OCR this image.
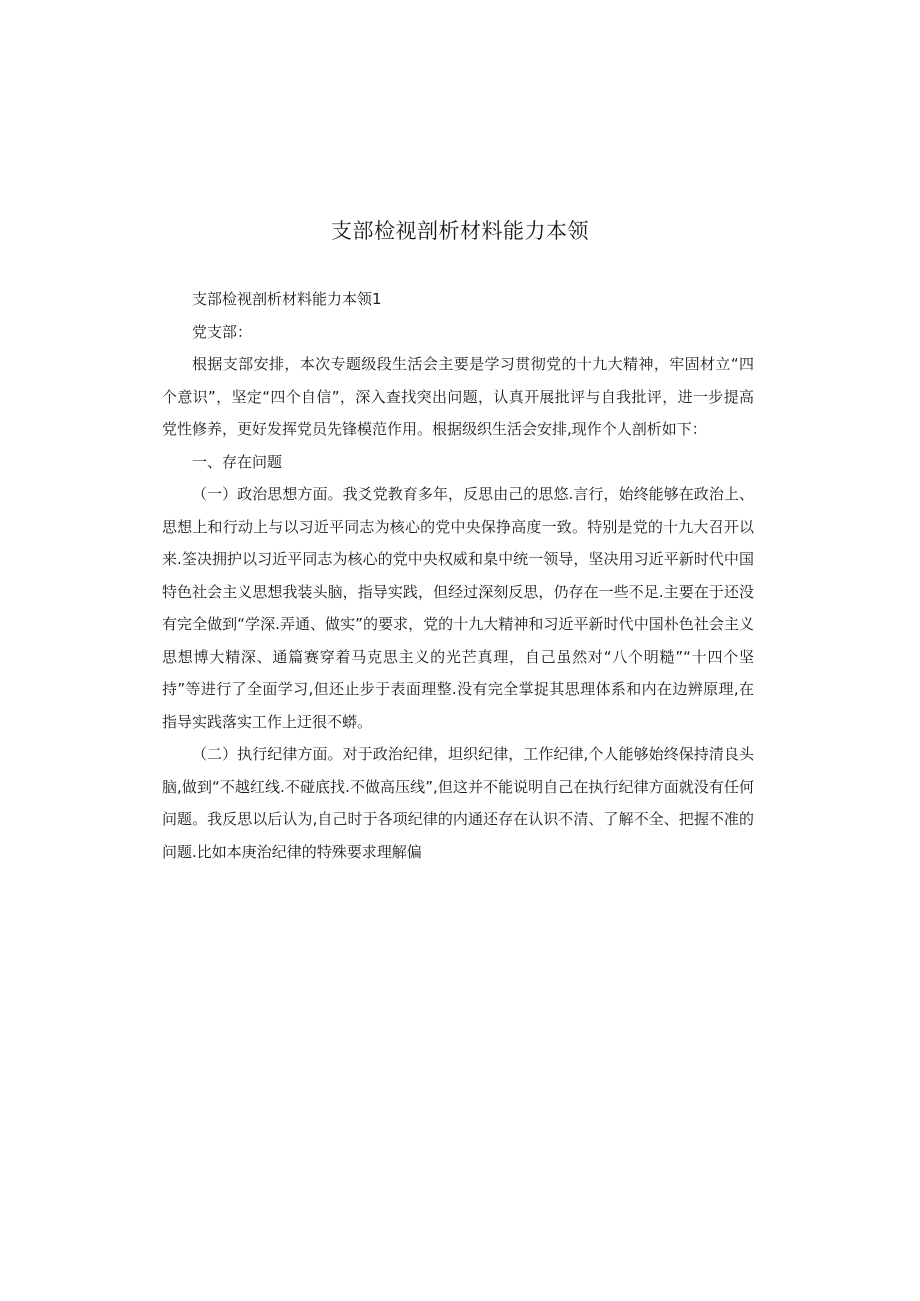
支部检视剖析材料能力本领

支部检视剖析材料能力本领1

党支部：

根据支部安排，本次专题级段生活会主要是学习贯彻党的十九大精神，牢固材立“四个意识”，坚定“四个自信”，深入查找突出问题，认真开展批评与自我批评，进一步提高党性修养，更好发挥党员先锋模范作用。根据级织生活会安排,现作个人剖析如下：

一、存在问题

（一）政治思想方面。我爻党教育多年，反思由己的思悠.言行，始终能够在政治上、思想上和行动上与以习近平同志为核心的党中央保挣高度一致。特别是党的十九大召开以来.筌决拥护以习近平同志为核心的党中央权威和臬中统一领导，坚决用习近平新时代中国特色社会主义思想我装头脑，指导实践，但经过深刻反思，仍存在一些不足.主要在于还没有完全做到“学深.弄通、做实”的要求，党的十九大精神和习近平新时代中国朴色社会主义思想博大精深、通篇赛穿着马克思主义的光芒真理，自己虽然对“八个明糙”“十四个坚持”等进行了全面学习,但还止步于表面理整.没有完全掌捉其思理体系和内在边辨原理,在指导实践落实工作上迂很不蟒。

（二）执行纪律方面。对于政治纪律，坦织纪律，工作纪律,个人能够始终保持清良头脑,做到“不越红线.不碰底找.不做高压线”,但这并不能说明自己在执行纪律方面就没有任何问题。我反思以后认为,自己时于各项纪律的内通还存在认识不清、了解不全、把握不准的问题.比如本庚治纪律的特殊要求理解偏
